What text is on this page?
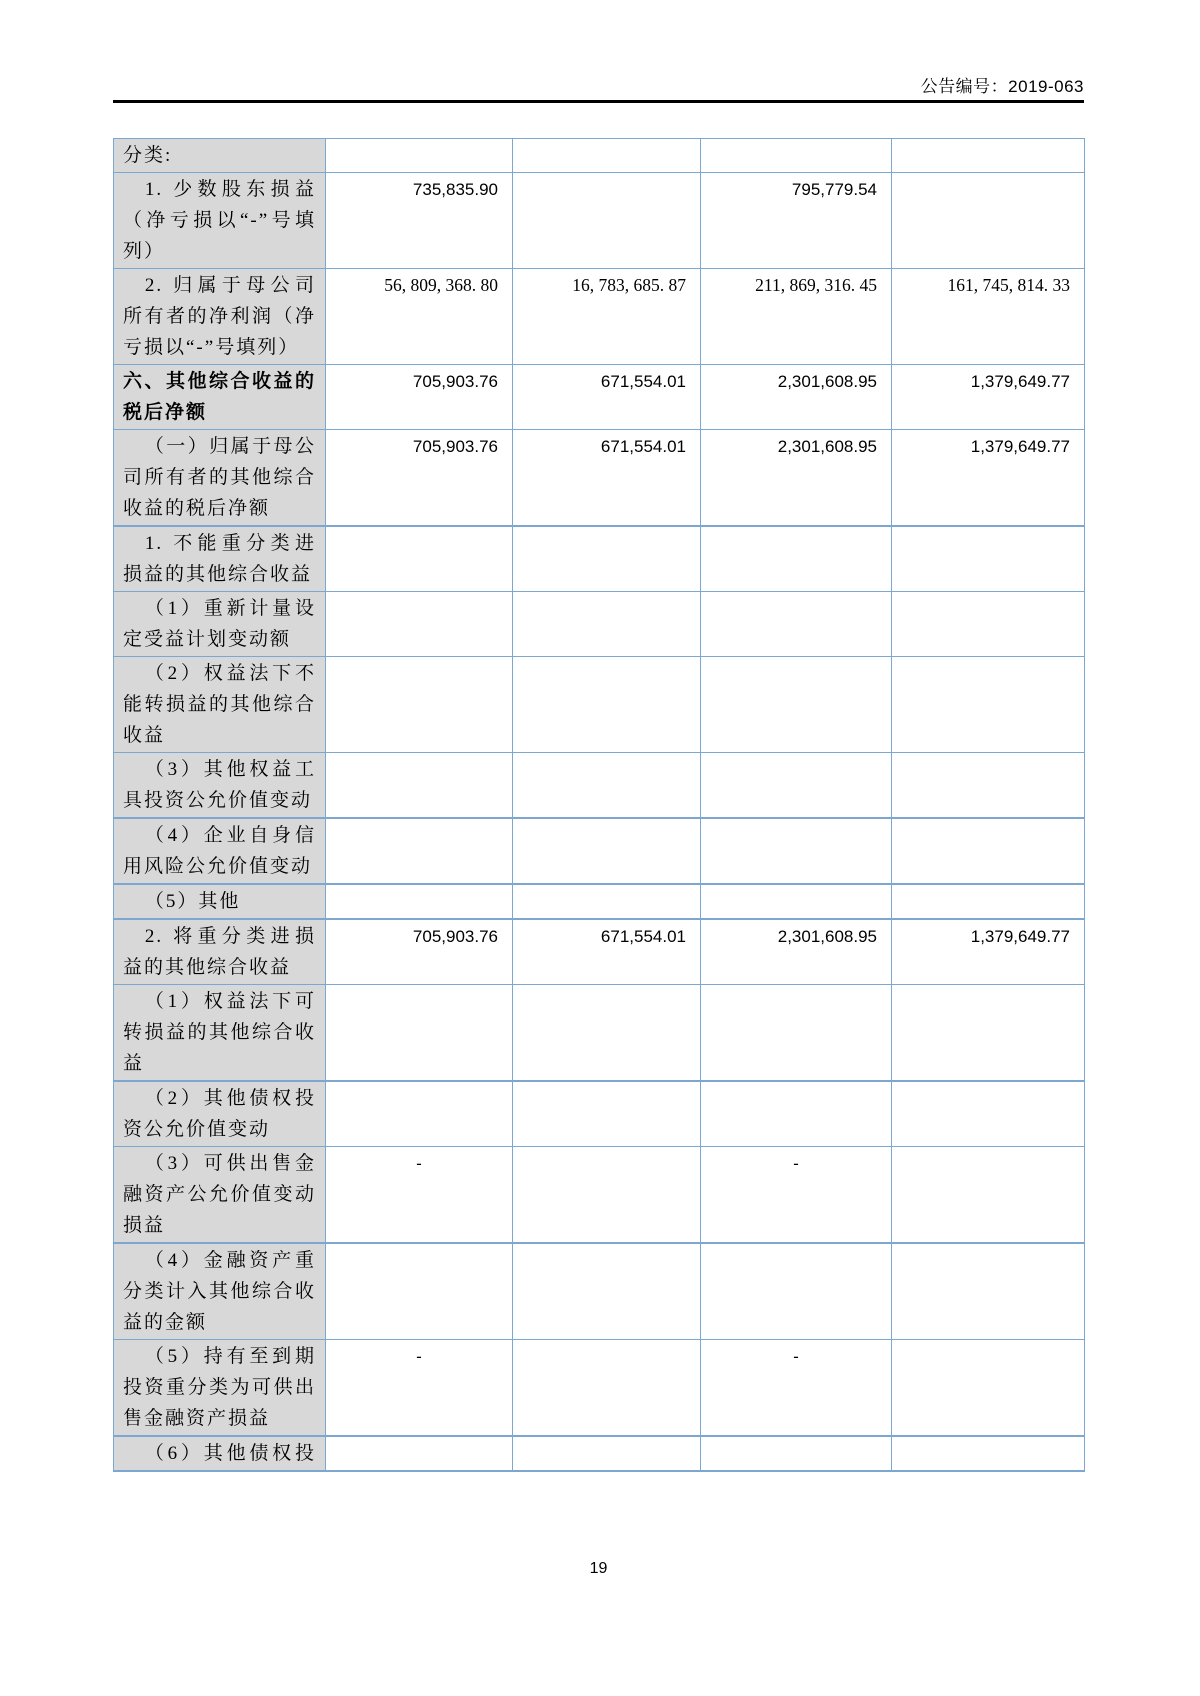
公告编号：2019-063
分类:				
1. 少数股东损益（净亏损以“-”号填列）	735,835.90		795,779.54	
2. 归属于母公司所有者的净利润（净亏损以“-”号填列）	56, 809, 368. 80	16, 783, 685. 87	211, 869, 316. 45	161, 745, 814. 33
六、其他综合收益的税后净额	705,903.76	671,554.01	2,301,608.95	1,379,649.77
（一）归属于母公司所有者的其他综合收益的税后净额	705,903.76	671,554.01	2,301,608.95	1,379,649.77
1. 不能重分类进损益的其他综合收益				
（1）重新计量设定受益计划变动额				
（2）权益法下不能转损益的其他综合收益				
（3）其他权益工具投资公允价值变动				
（4）企业自身信用风险公允价值变动				
（5）其他				
2. 将重分类进损益的其他综合收益	705,903.76	671,554.01	2,301,608.95	1,379,649.77
（1）权益法下可转损益的其他综合收益				
（2）其他债权投资公允价值变动				
（3）可供出售金融资产公允价值变动损益	-		-	
（4）金融资产重分类计入其他综合收益的金额				
（5）持有至到期投资重分类为可供出售金融资产损益	-		-	
（6）其他债权投				
19
